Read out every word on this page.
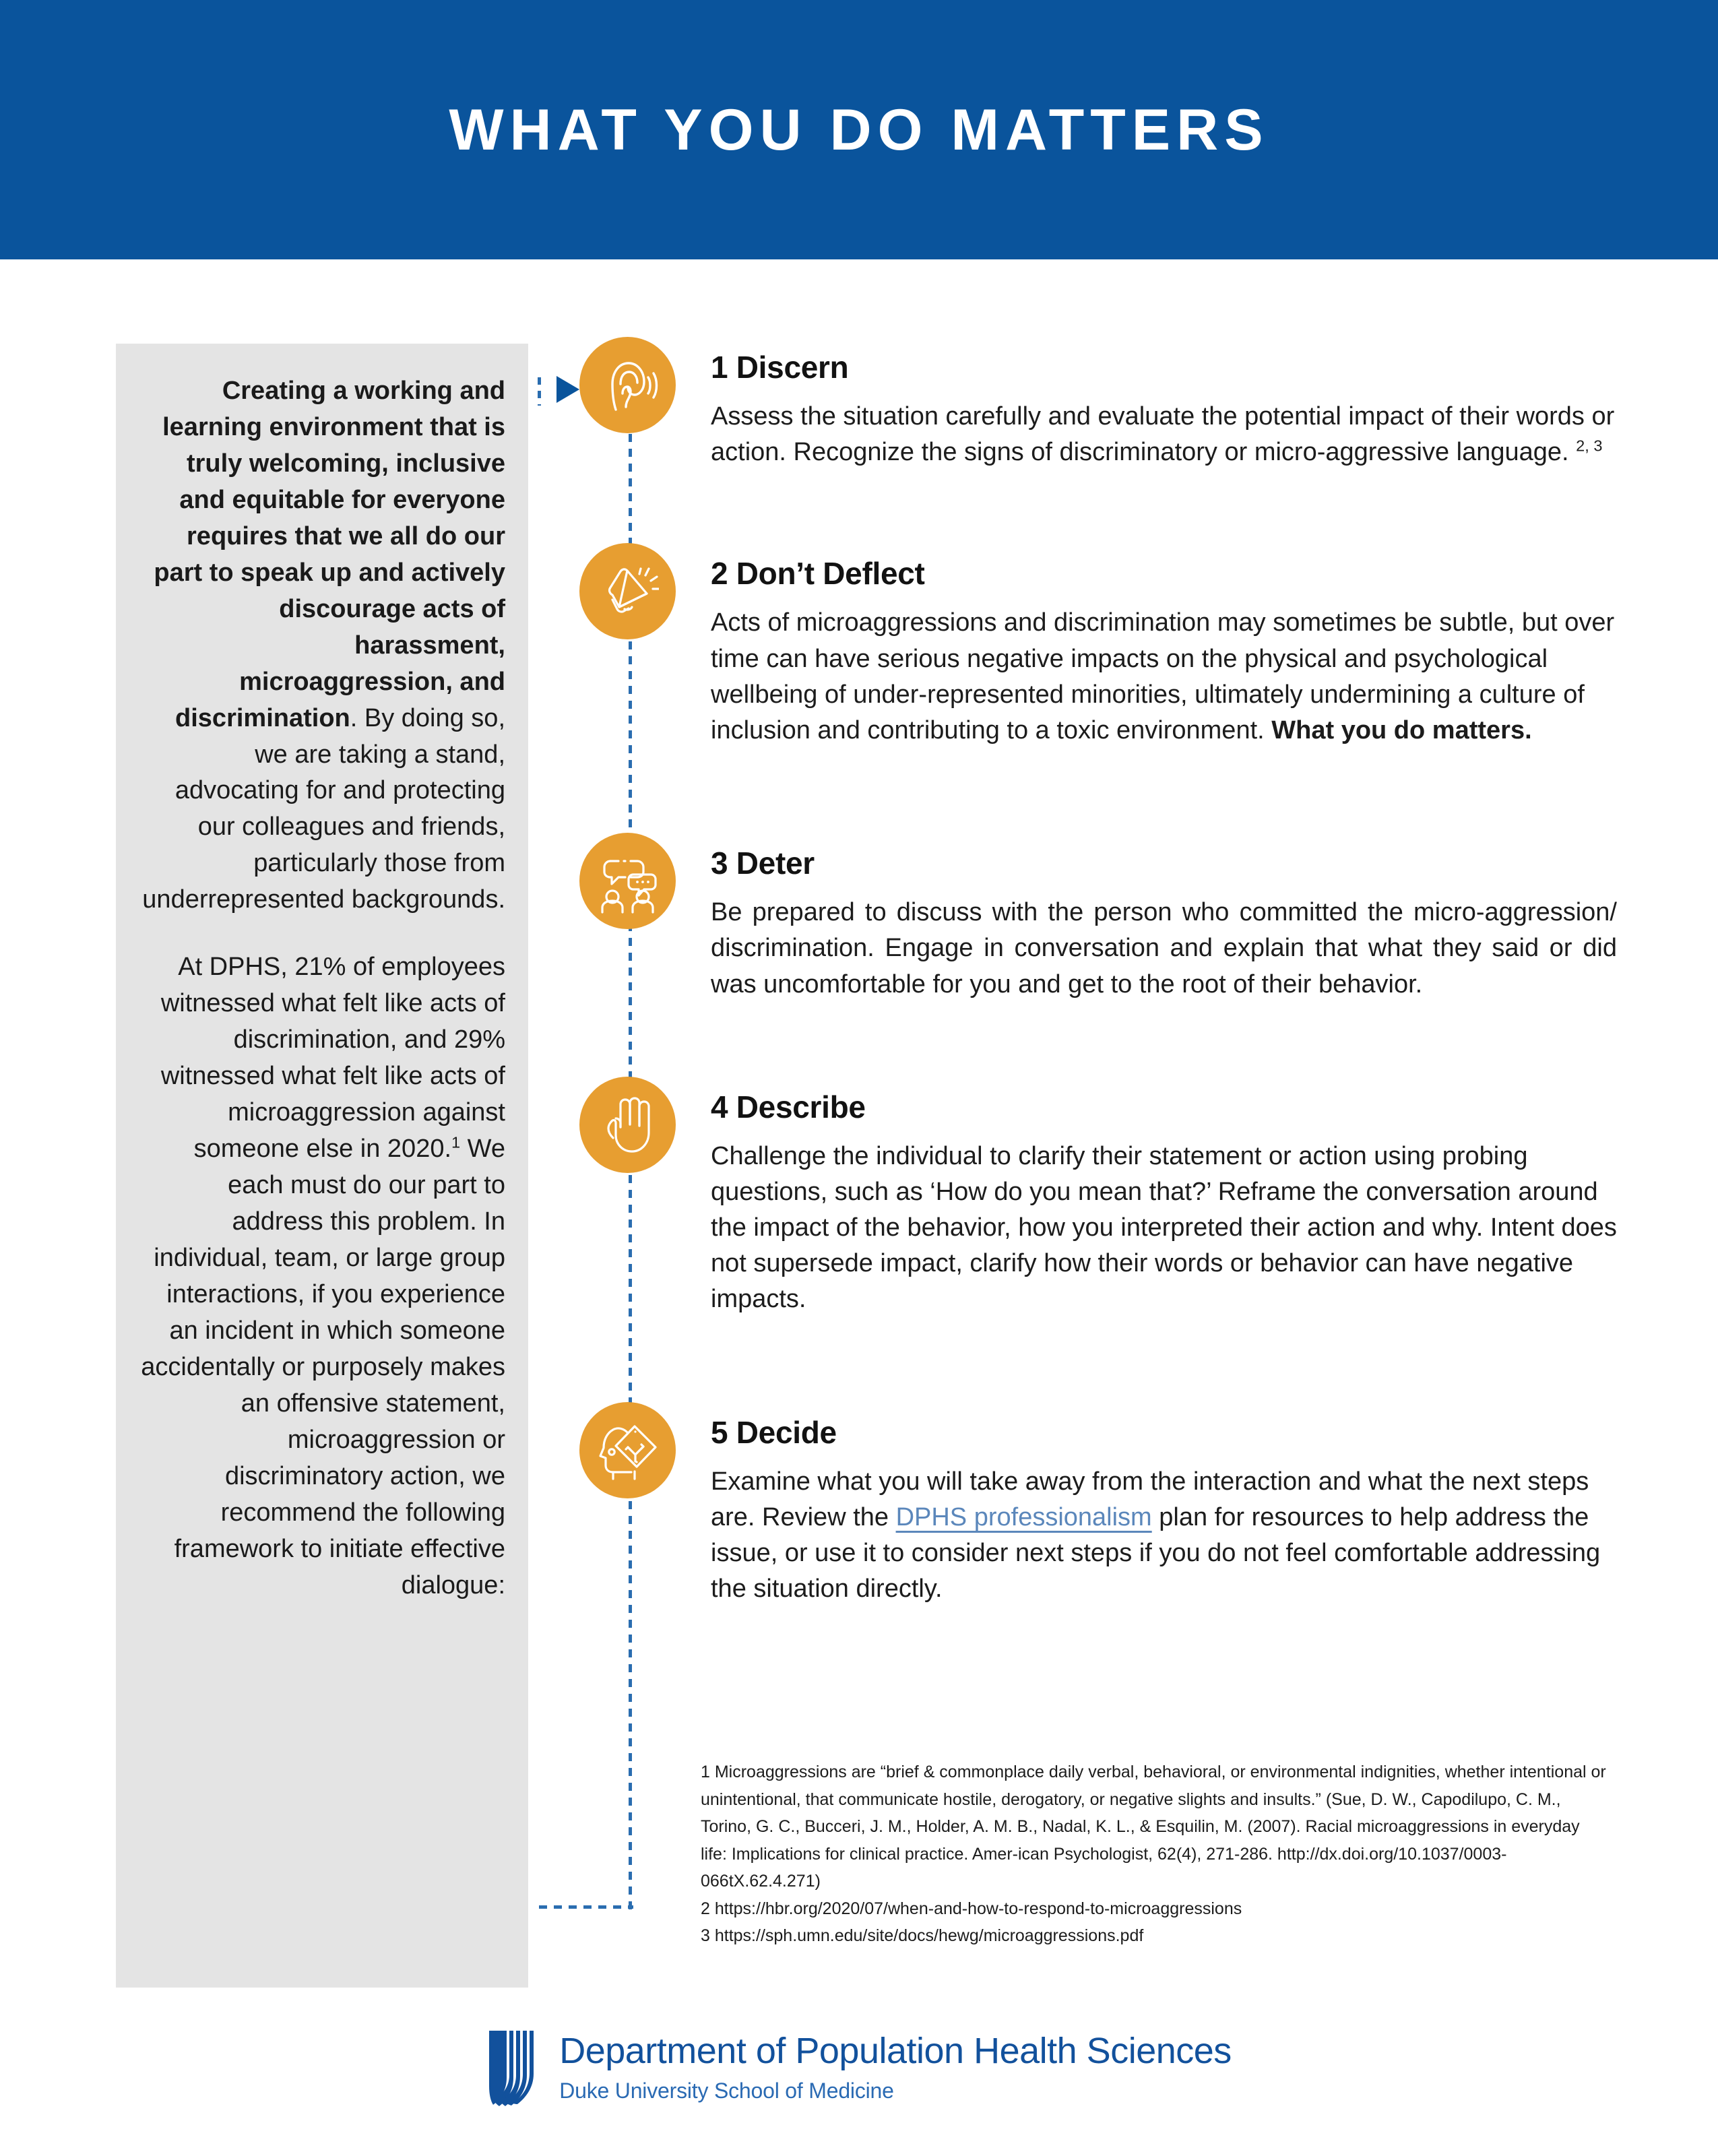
WHAT YOU DO MATTERS

Creating a working and learning environment that is truly welcoming, inclusive and equitable for everyone requires that we all do our part to speak up and actively discourage acts of harassment, microaggression, and discrimination. By doing so, we are taking a stand, advocating for and protecting our colleagues and friends, particularly those from underrepresented backgrounds.

At DPHS, 21% of employees witnessed what felt like acts of discrimination, and 29% witnessed what felt like acts of microaggression against someone else in 2020.$^1$ We each must do our part to address this problem. In individual, team, or large group interactions, if you experience an incident in which someone accidentally or purposely makes an offensive statement, microaggression or discriminatory action, we recommend the following framework to initiate effective dialogue:

1 Discern
Assess the situation carefully and evaluate the potential impact of their words or action. Recognize the signs of discriminatory or micro-aggressive language. $^{2, 3}$
2 Don’t Deflect
Acts of microaggressions and discrimination may sometimes be subtle, but over time can have serious negative impacts on the physical and psychological wellbeing of under-represented minorities, ultimately undermining a culture of inclusion and contributing to a toxic environment. What you do matters.
3 Deter
Be prepared to discuss with the person who committed the micro-aggression/ discrimination. Engage in conversation and explain that what they said or did was uncomfortable for you and get to the root of their behavior.
4 Describe
Challenge the individual to clarify their statement or action using probing questions, such as ‘How do you mean that?’ Reframe the conversation around the impact of the behavior, how you interpreted their action and why. Intent does not supersede impact, clarify how their words or behavior can have negative impacts.
5 Decide
Examine what you will take away from the interaction and what the next steps are. Review the DPHS professionalism plan for resources to help address the issue, or use it to consider next steps if you do not feel comfortable addressing the situation directly.
1 Microaggressions are “brief & commonplace daily verbal, behavioral, or environmental indignities, whether intentional or unintentional, that communicate hostile, derogatory, or negative slights and insults.” (Sue, D. W., Capodilupo, C. M., Torino, G. C., Bucceri, J. M., Holder, A. M. B., Nadal, K. L., & Esquilin, M. (2007). Racial microaggressions in everyday life: Implications for clinical practice. Amer-ican Psychologist, 62(4), 271-286. http://dx.doi.org/10.1037/0003-066tX.62.4.271)
2 https://hbr.org/2020/07/when-and-how-to-respond-to-microaggressions
3 https://sph.umn.edu/site/docs/hewg/microaggressions.pdf
Department of Population Health Sciences
Duke University School of Medicine
